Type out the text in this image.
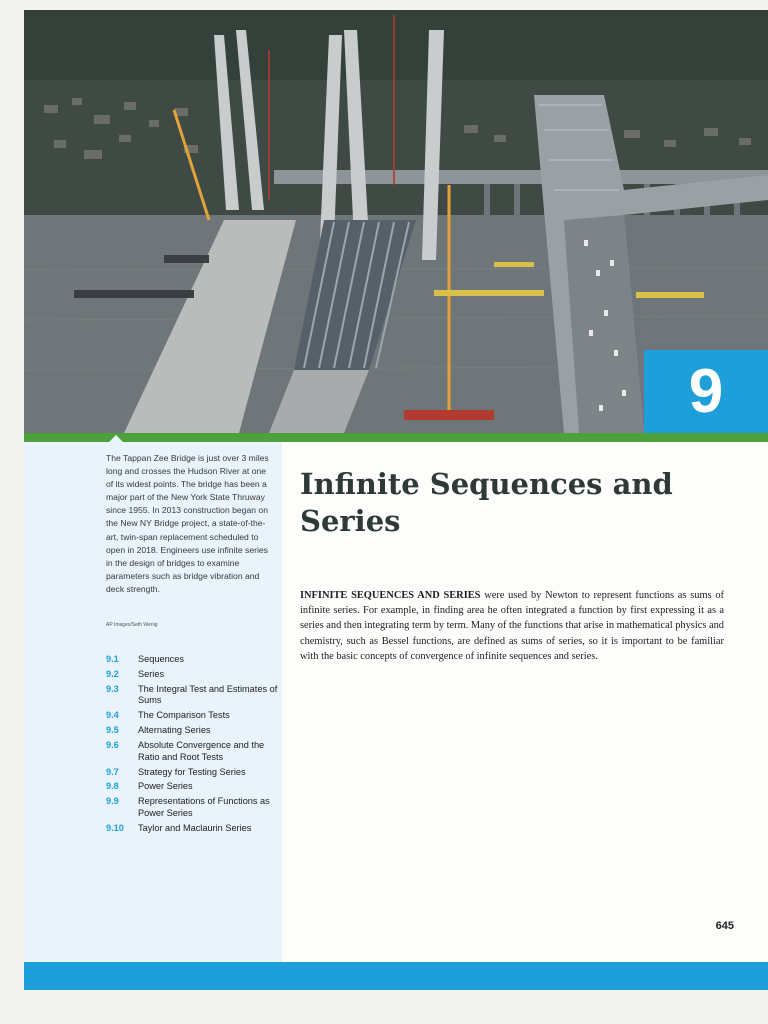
9
The Tappan Zee Bridge is just over 3 miles long and crosses the Hudson River at one of its widest points. The bridge has been a major part of the New York State Thruway since 1955. In 2013 construction began on the New NY Bridge project, a state-of-the-art, twin-span replacement scheduled to open in 2018. Engineers use infinite series in the design of bridges to examine parameters such as bridge vibration and deck strength.
AP Images/Seth Wenig
9.1	Sequences
9.2	Series
9.3	The Integral Test and Estimates of Sums
9.4	The Comparison Tests
9.5	Alternating Series
9.6	Absolute Convergence and the Ratio and Root Tests
9.7	Strategy for Testing Series
9.8	Power Series
9.9	Representations of Functions as Power Series
9.10	Taylor and Maclaurin Series
Infinite Sequences and Series

INFINITE SEQUENCES AND SERIES were used by Newton to represent functions as sums of infinite series. For example, in finding area he often integrated a function by first expressing it as a series and then integrating term by term. Many of the functions that arise in mathematical physics and chemistry, such as Bessel functions, are defined as sums of series, so it is important to be familiar with the basic concepts of convergence of infinite sequences and series.

645
